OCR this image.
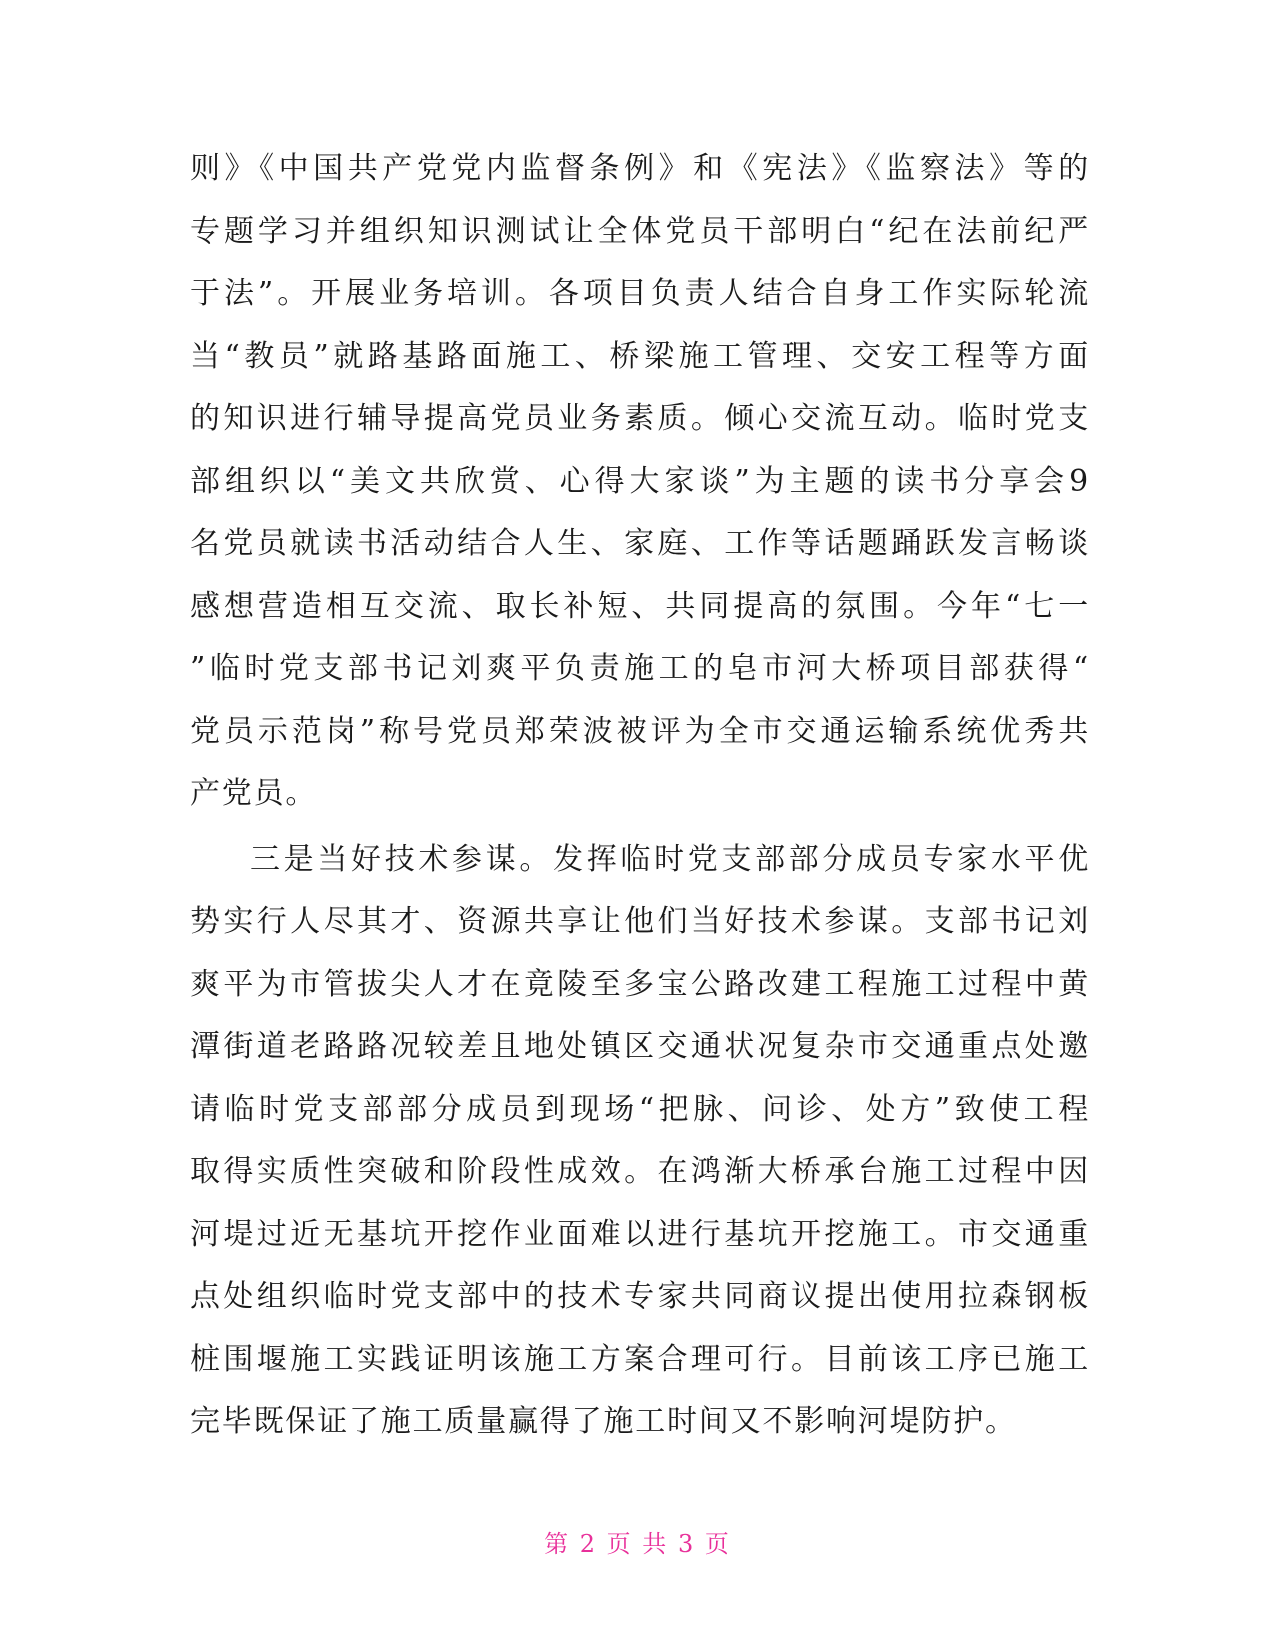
则》《中国共产党党内监督条例》和《宪法》《监察法》等的
专题学习并组织知识测试让全体党员干部明白“纪在法前纪严
于法”。开展业务培训。各项目负责人结合自身工作实际轮流
当“教员”就路基路面施工、桥梁施工管理、交安工程等方面
的知识进行辅导提高党员业务素质。倾心交流互动。临时党支
部组织以“美文共欣赏、心得大家谈”为主题的读书分享会9
名党员就读书活动结合人生、家庭、工作等话题踊跃发言畅谈
感想营造相互交流、取长补短、共同提高的氛围。今年“七一
”临时党支部书记刘爽平负责施工的皂市河大桥项目部获得“
党员示范岗”称号党员郑荣波被评为全市交通运输系统优秀共
产党员。
三是当好技术参谋。发挥临时党支部部分成员专家水平优
势实行人尽其才、资源共享让他们当好技术参谋。支部书记刘
爽平为市管拔尖人才在竟陵至多宝公路改建工程施工过程中黄
潭街道老路路况较差且地处镇区交通状况复杂市交通重点处邀
请临时党支部部分成员到现场“把脉、问诊、处方”致使工程
取得实质性突破和阶段性成效。在鸿渐大桥承台施工过程中因
河堤过近无基坑开挖作业面难以进行基坑开挖施工。市交通重
点处组织临时党支部中的技术专家共同商议提出使用拉森钢板
桩围堰施工实践证明该施工方案合理可行。目前该工序已施工
完毕既保证了施工质量赢得了施工时间又不影响河堤防护。
第 2 页 共 3 页
